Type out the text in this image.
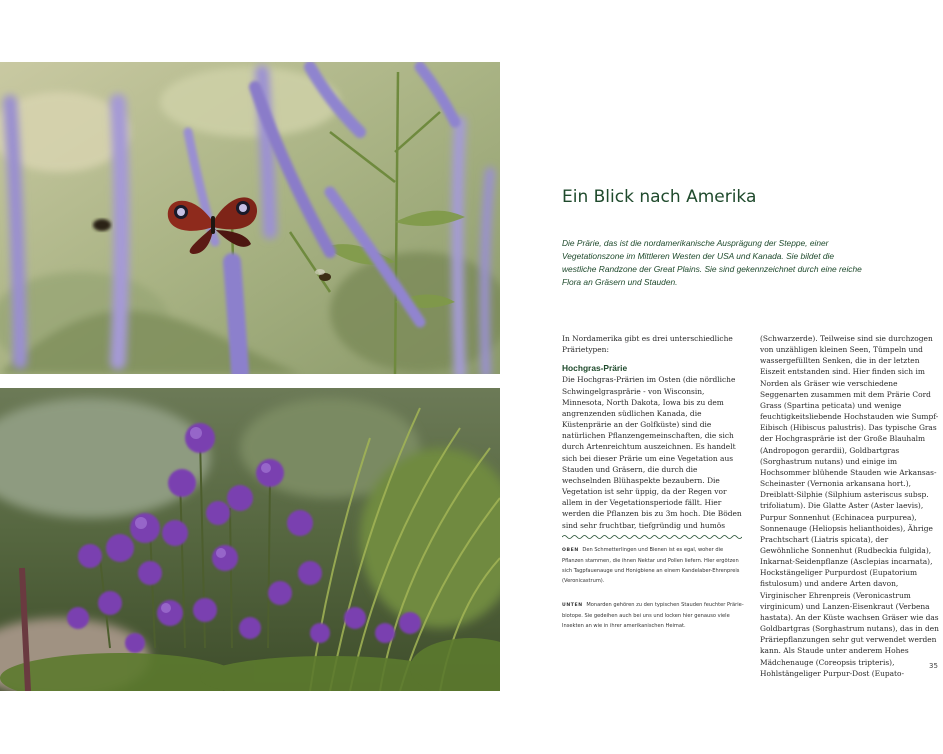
Ein Blick nach Amerika

Die Prärie, das ist die nordamerikanische Ausprägung der Steppe, einer Vegetationszone im Mittleren Westen der USA und Kanada. Sie bildet die westliche Randzone der Great Plains. Sie sind gekennzeichnet durch eine reiche Flora an Gräsern und Stauden.

In Nordamerika gibt es drei unterschiedliche Prärietypen:

Hochgras-Prärie

Die Hochgras-Prärien im Osten (die nördliche Schwingelgrasprärie - von Wisconsin, Minnesota, North Dakota, Iowa bis zu dem angrenzenden südlichen Kanada, die Küstenprärie an der Golfküste) sind die natürlichen Pflanzengemeinschaften, die sich durch Artenreichtum auszeichnen. Es handelt sich bei dieser Prärie um eine Vegetation aus Stauden und Gräsern, die durch die wechselnden Blühaspekte bezaubern. Die Vegetation ist sehr üppig, da der Regen vor allem in der Vegetationsperiode fällt. Hier werden die Pflanzen bis zu 3m hoch. Die Böden sind sehr fruchtbar, tiefgründig und humös

(Schwarzerde). Teilweise sind sie durchzogen von unzähligen kleinen Seen, Tümpeln und wassergefüllten Senken, die in der letzten Eiszeit entstanden sind. Hier finden sich im Norden als Gräser wie verschiedene Seggenarten zusammen mit dem Prärie Cord Grass (Spartina peticata) und wenige feuchtigkeitsliebende Hochstauden wie Sumpf-Eibisch (Hibiscus palustris). Das typische Gras der Hochgrasprärie ist der Große Blauhalm (Andropogon gerardii), Goldbartgras (Sorghastrum nutans) und einige im Hochsommer blühende Stauden wie Arkansas-Scheinaster (Vernonia arkansana hort.), Dreiblatt-Silphie (Silphium asteriscus subsp. trifoliatum). Die Glatte Aster (Aster laevis), Purpur Sonnenhut (Echinacea purpurea), Sonnenauge (Heliopsis helianthoides), Ährige Prachtschart (Liatris spicata), der Gewöhnliche Sonnenhut (Rudbeckia fulgida), Inkarnat-Seidenpflanze (Asclepias incarnata), Hockstängeliger Purpurdost (Eupatorium fistulosum) und andere Arten davon, Virginischer Ehrenpreis (Veronicastrum virginicum) und Lanzen-Eisenkraut (Verbena hastata). An der Küste wachsen Gräser wie das Goldbartgras (Sorghastrum nutans), das in den Präriepflanzungen sehr gut verwendet werden kann. Als Staude unter anderem Hohes Mädchenauge (Coreopsis tripteris), Hohlstängeliger Purpur-Dost (Eupato-

OBEN Den Schmetterlingen und Bienen ist es egal, woher die Pflanzen stammen, die ihnen Nektar und Pollen liefern. Hier ergötzen sich Tagpfauenauge und Honigbiene an einem Kandelaber-Ehrenpreis (Veronicastrum).
UNTEN Monarden gehören zu den typischen Stauden feuchter Präriebiotope. Sie gedeihen auch bei uns und locken hier genauso viele Insekten an wie in ihrer amerikanischen Heimat.
35
